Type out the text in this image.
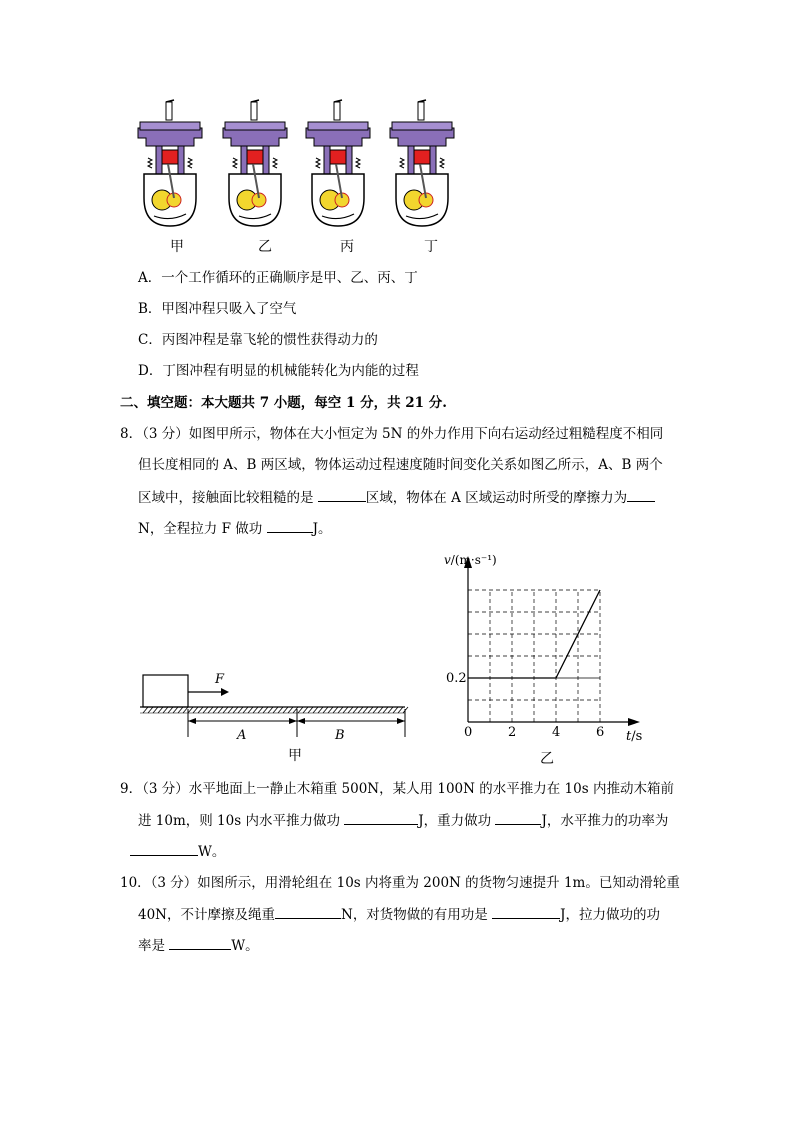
甲	乙	丙	丁
A．一个工作循环的正确顺序是甲、乙、丙、丁
B．甲图冲程只吸入了空气
C．丙图冲程是靠飞轮的惯性获得动力的
D．丁图冲程有明显的机械能转化为内能的过程
二、填空题：本大题共 7 小题，每空 1 分，共 21 分.
8．（3 分）如图甲所示，物体在大小恒定为 5N 的外力作用下向右运动经过粗糙程度不相同
但长度相同的 A、B 两区域，物体运动过程速度随时间变化关系如图乙所示，A、B 两个
区域中，接触面比较粗糙的是	区域，物体在 A 区域运动时所受的摩擦力为
N，全程拉力 F 做功	J。
F
A	B
甲
v/(m·s⁻¹)
t/s
0
0.2
2	4	6
乙
9．（3 分）水平地面上一静止木箱重 500N，某人用 100N 的水平推力在 10s 内推动木箱前
进 10m，则 10s 内水平推力做功	J，重力做功	J，水平推力的功率为
W。
10．（3 分）如图所示，用滑轮组在 10s 内将重为 200N 的货物匀速提升 1m。已知动滑轮重
40N，不计摩擦及绳重	N，对货物做的有用功是	J，拉力做功的功
率是	W。
